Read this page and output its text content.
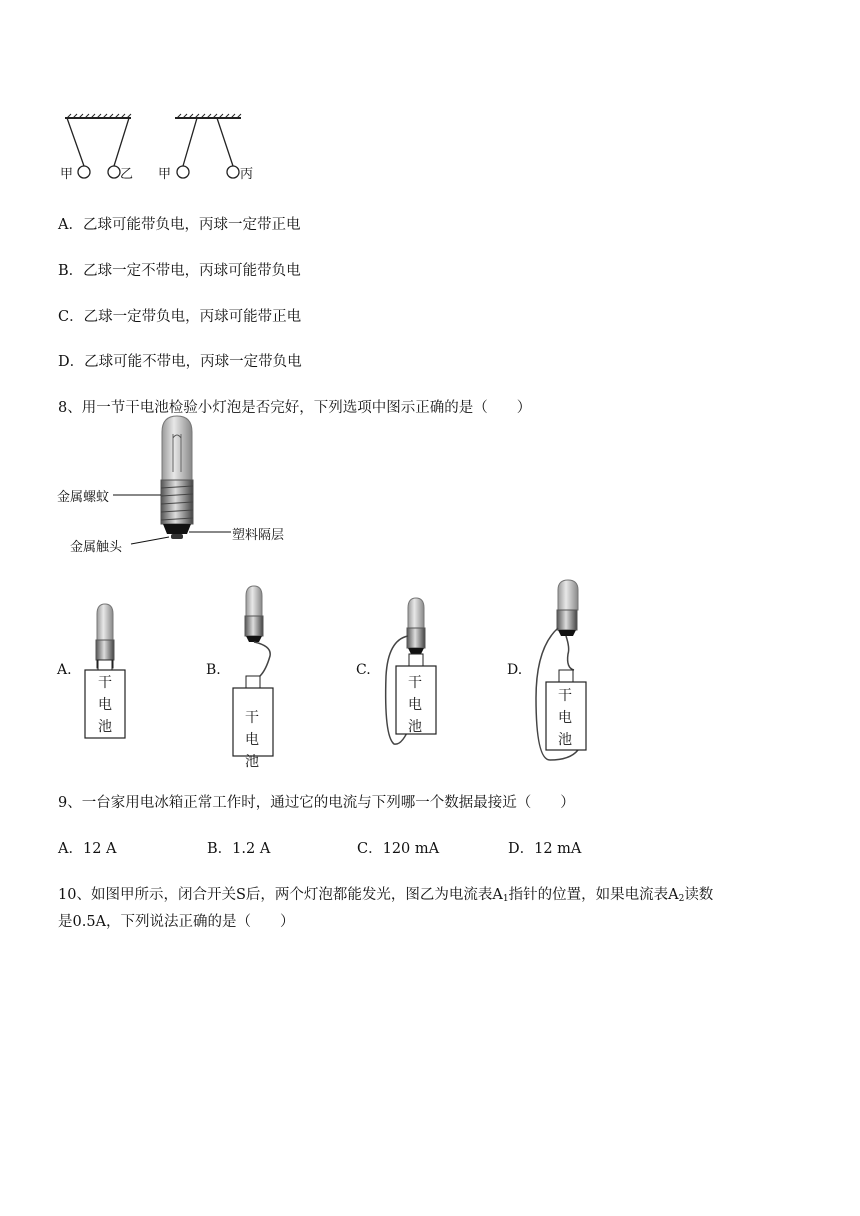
甲	乙 甲	丙
A．乙球可能带负电，丙球一定带正电
B．乙球一定不带电，丙球可能带负电
C．乙球一定带负电，丙球可能带正电
D．乙球可能不带电，丙球一定带负电
8、用一节干电池检验小灯泡是否完好，下列选项中图示正确的是（　　）
金属螺蚊
金属触头
塑料隔层
A.
干
电
池
B.
干
电
池
C.
干
电
池
D.
干
电
池
9、一台家用电冰箱正常工作时，通过它的电流与下列哪一个数据最接近（　　）
A．12 A	B．1.2 A	C．120 mA	D．12 mA
10、如图甲所示，闭合开关S后，两个灯泡都能发光，图乙为电流表$A_1$指针的位置，如果电流表$A_2$读数
是0.5A，下列说法正确的是（　　）
